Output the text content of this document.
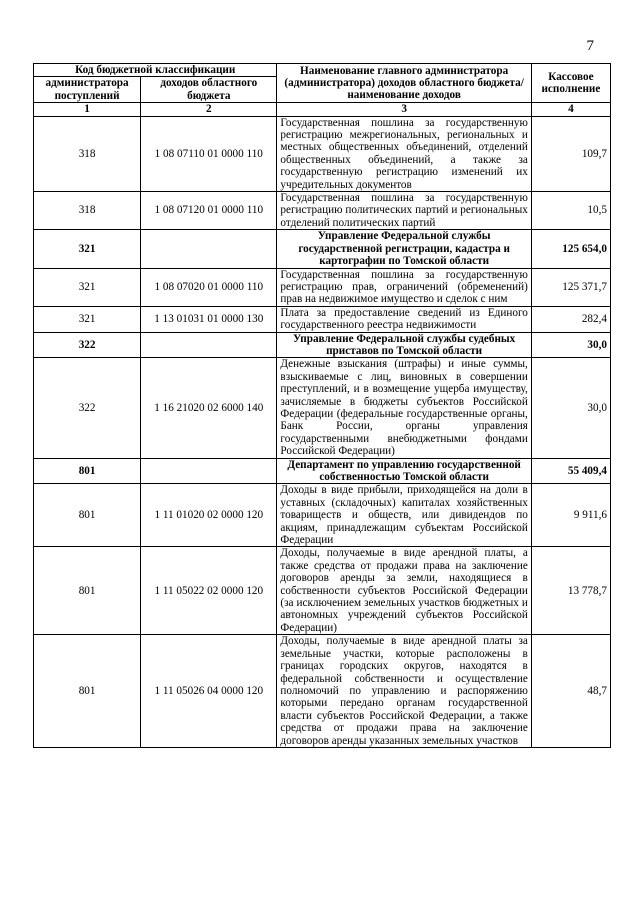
7
Код бюджетной классификации		Наименование главного администратора (администратора) доходов областного бюджета/ наименование доходов	Кассовое исполнение
администратора поступлений	доходов областного бюджета		
1	2	3	4
318	1 08 07110 01 0000 110	Государственная пошлина за государственную регистрацию межрегиональных, региональных и местных общественных объединений, отделений общественных объединений, а также за государственную регистрацию изменений их учредительных документов	109,7
318	1 08 07120 01 0000 110	Государственная пошлина за государственную регистрацию политических партий и региональных отделений политических партий	10,5
321		Управление Федеральной службы государственной регистрации, кадастра и картографии по Томской области	125 654,0
321	1 08 07020 01 0000 110	Государственная пошлина за государственную регистрацию прав, ограничений (обременений) прав на недвижимое имущество и сделок с ним	125 371,7
321	1 13 01031 01 0000 130	Плата за предоставление сведений из Единого государственного реестра недвижимости	282,4
322		Управление Федеральной службы судебных приставов по Томской области	30,0
322	1 16 21020 02 6000 140	Денежные взыскания (штрафы) и иные суммы, взыскиваемые с лиц, виновных в совершении преступлений, и в возмещение ущерба имуществу, зачисляемые в бюджеты субъектов Российской Федерации (федеральные государственные органы, Банк России, органы управления государственными внебюджетными фондами Российской Федерации)	30,0
801		Департамент по управлению государственной собственностью Томской области	55 409,4
801	1 11 01020 02 0000 120	Доходы в виде прибыли, приходящейся на доли в уставных (складочных) капиталах хозяйственных товариществ и обществ, или дивидендов по акциям, принадлежащим субъектам Российской Федерации	9 911,6
801	1 11 05022 02 0000 120	Доходы, получаемые в виде арендной платы, а также средства от продажи права на заключение договоров аренды за земли, находящиеся в собственности субъектов Российской Федерации (за исключением земельных участков бюджетных и автономных учреждений субъектов Российской Федерации)	13 778,7
801	1 11 05026 04 0000 120	Доходы, получаемые в виде арендной платы за земельные участки, которые расположены в границах городских округов, находятся в федеральной собственности и осуществление полномочий по управлению и распоряжению которыми передано органам государственной власти субъектов Российской Федерации, а также средства от продажи права на заключение договоров аренды указанных земельных участков	48,7
